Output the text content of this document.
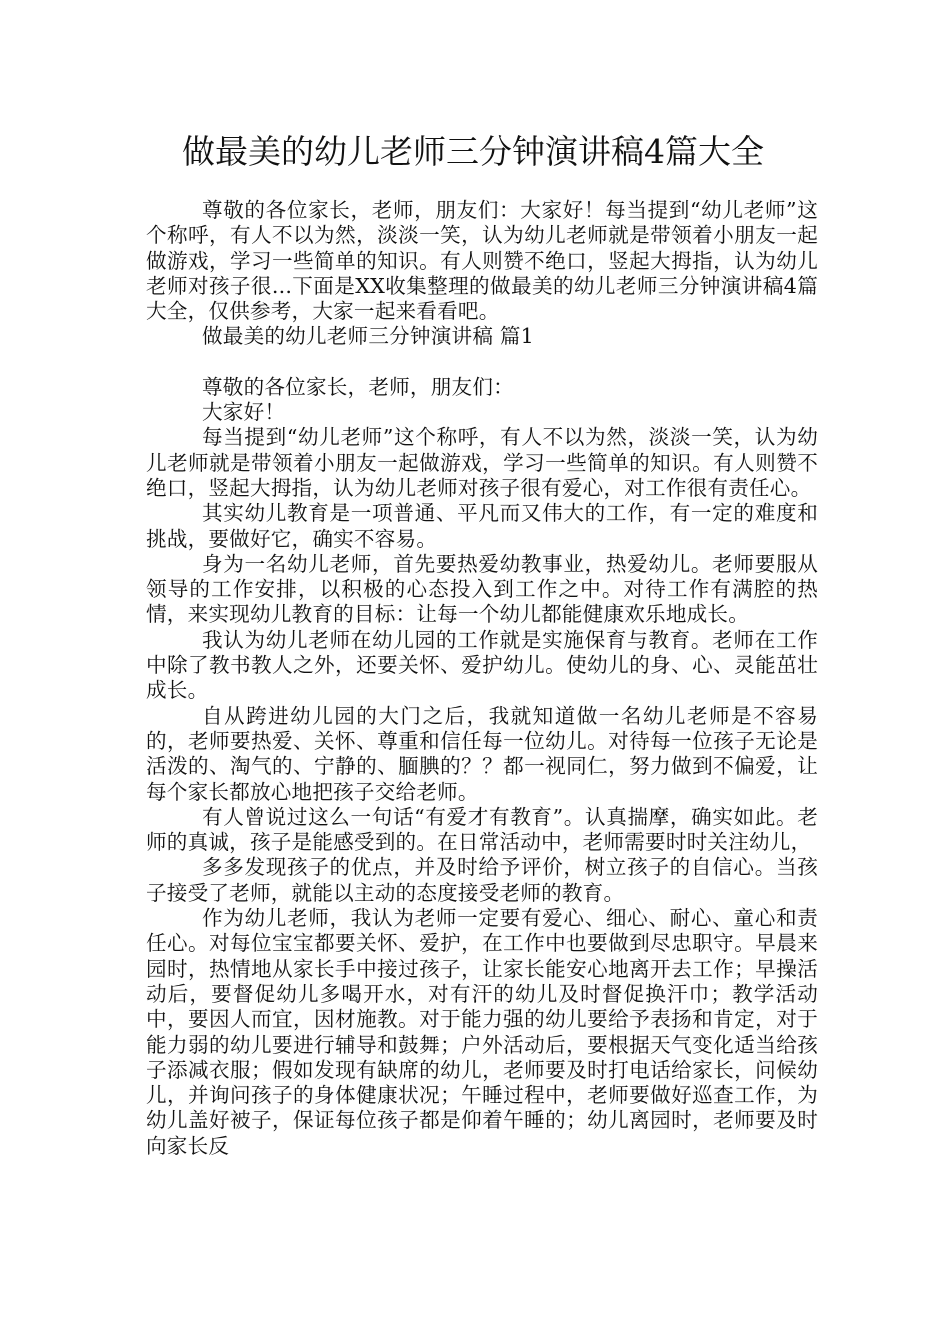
做最美的幼儿老师三分钟演讲稿4篇大全

尊敬的各位家长，老师，朋友们：大家好！每当提到“幼儿老师”这个称呼，有人不以为然，淡淡一笑，认为幼儿老师就是带领着小朋友一起做游戏，学习一些简单的知识。有人则赞不绝口，竖起大拇指，认为幼儿老师对孩子很...下面是XX收集整理的做最美的幼儿老师三分钟演讲稿4篇大全，仅供参考，大家一起来看看吧。

做最美的幼儿老师三分钟演讲稿 篇1

尊敬的各位家长，老师，朋友们：

大家好！

每当提到“幼儿老师”这个称呼，有人不以为然，淡淡一笑，认为幼儿老师就是带领着小朋友一起做游戏，学习一些简单的知识。有人则赞不绝口，竖起大拇指，认为幼儿老师对孩子很有爱心，对工作很有责任心。

其实幼儿教育是一项普通、平凡而又伟大的工作，有一定的难度和挑战，要做好它，确实不容易。

身为一名幼儿老师，首先要热爱幼教事业，热爱幼儿。老师要服从领导的工作安排，以积极的心态投入到工作之中。对待工作有满腔的热情，来实现幼儿教育的目标：让每一个幼儿都能健康欢乐地成长。

我认为幼儿老师在幼儿园的工作就是实施保育与教育。老师在工作中除了教书教人之外，还要关怀、爱护幼儿。使幼儿的身、心、灵能茁壮成长。

自从跨进幼儿园的大门之后，我就知道做一名幼儿老师是不容易的，老师要热爱、关怀、尊重和信任每一位幼儿。对待每一位孩子无论是活泼的、淘气的、宁静的、腼腆的？？都一视同仁，努力做到不偏爱，让每个家长都放心地把孩子交给老师。

有人曾说过这么一句话“有爱才有教育”。认真揣摩，确实如此。老师的真诚，孩子是能感受到的。在日常活动中，老师需要时时关注幼儿，

多多发现孩子的优点，并及时给予评价，树立孩子的自信心。当孩子接受了老师，就能以主动的态度接受老师的教育。

作为幼儿老师，我认为老师一定要有爱心、细心、耐心、童心和责任心。对每位宝宝都要关怀、爱护，在工作中也要做到尽忠职守。早晨来园时，热情地从家长手中接过孩子，让家长能安心地离开去工作；早操活动后，要督促幼儿多喝开水，对有汗的幼儿及时督促换汗巾；教学活动中，要因人而宜，因材施教。对于能力强的幼儿要给予表扬和肯定，对于能力弱的幼儿要进行辅导和鼓舞；户外活动后，要根据天气变化适当给孩子添减衣服；假如发现有缺席的幼儿，老师要及时打电话给家长，问候幼儿，并询问孩子的身体健康状况；午睡过程中，老师要做好巡查工作，为幼儿盖好被子，保证每位孩子都是仰着午睡的；幼儿离园时，老师要及时向家长反
